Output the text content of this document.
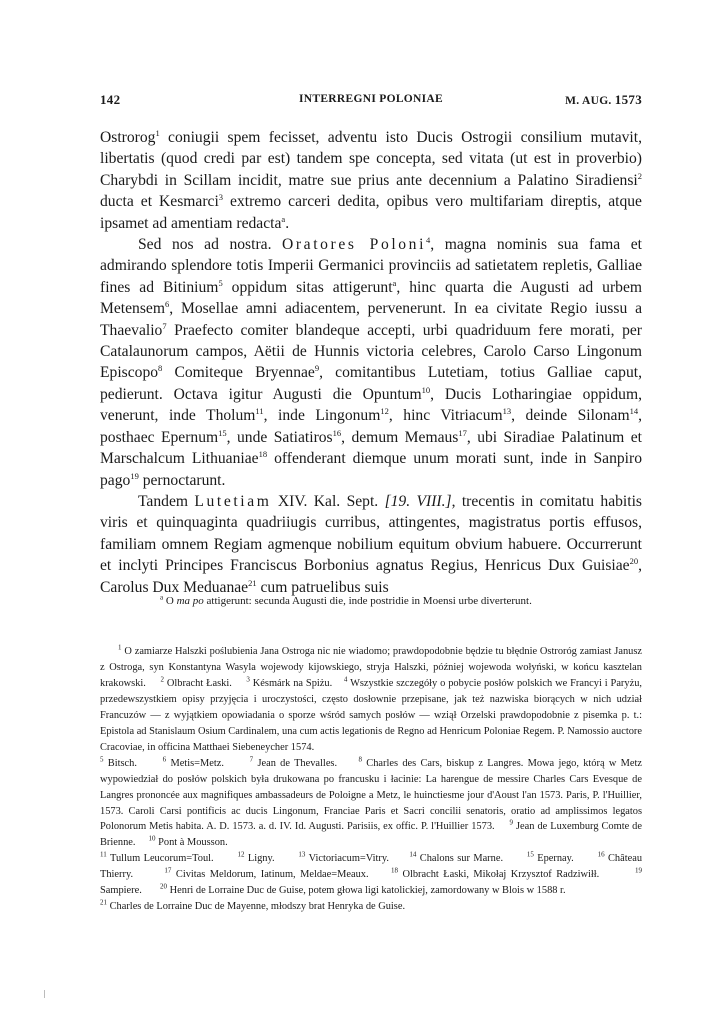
142	INTERREGNI POLONIAE	M. AUG. 1573

Ostrorog$^1$ coniugii spem fecisset, adventu isto Ducis Ostrogii consilium mutavit, libertatis (quod credi par est) tandem spe concepta, sed vitata (ut est in proverbio) Charybdi in Scillam incidit, matre sue prius ante decennium a Palatino Siradiensi$^2$ ducta et Kesmarci$^3$ extremo carceri dedita, opibus vero multifariam direptis, atque ipsamet ad amentiam redacta$^a$.

Sed nos ad nostra. Oratores Poloni$^4$, magna nominis sua fama et admirando splendore totis Imperii Germanici provinciis ad satietatem repletis, Galliae fines ad Bitinium$^5$ oppidum sitas attigerunt$^a$, hinc quarta die Augusti ad urbem Metensem$^6$, Mosellae amni adiacentem, pervenerunt. In ea civitate Regio iussu a Thaevalio$^7$ Praefecto comiter blandeque accepti, urbi quadriduum fere morati, per Catalaunorum campos, Aëtii de Hunnis victoria celebres, Carolo Carso Lingonum Episcopo$^8$ Comiteque Bryennae$^9$, comitantibus Lutetiam, totius Galliae caput, pedierunt. Octava igitur Augusti die Opuntum$^{10}$, Ducis Lotharingiae oppidum, venerunt, inde Tholum$^{11}$, inde Lingonum$^{12}$, hinc Vitriacum$^{13}$, deinde Silonam$^{14}$, posthaec Epernum$^{15}$, unde Satiatiros$^{16}$, demum Memaus$^{17}$, ubi Siradiae Palatinum et Marschalcum Lithuaniae$^{18}$ offenderant diemque unum morati sunt, inde in Sanpiro pago$^{19}$ pernoctarunt.

Tandem Lutetiam XIV. Kal. Sept. [19. VIII.], trecentis in comitatu habitis viris et quinquaginta quadriiugis curribus, attingentes, magistratus portis effusos, familiam omnem Regiam agmenque nobilium equitum obvium habuere. Occurrerunt et inclyti Principes Franciscus Borbonius agnatus Regius, Henricus Dux Guisiae$^{20}$, Carolus Dux Meduanae$^{21}$ cum patruelibus suis

$^a$ O ma po attigerunt: secunda Augusti die, inde postridie in Moensi urbe diverterunt.

$^1$ O zamiarze Halszki poślubienia Jana Ostroga nic nie wiadomo; prawdopodobnie będzie tu błędnie Ostroróg zamiast Janusz z Ostroga, syn Konstantyna Wasyla wojewody kijowskiego, stryja Halszki, później wojewoda wołyński, w końcu kasztelan krakowski. $^2$ Olbracht Łaski. $^3$ Késmárk na Spiżu. $^4$ Wszystkie szczegóły o pobycie posłów polskich we Francyi i Paryżu, przedewszystkiem opisy przyjęcia i uroczystości, często dosłownie przepisane, jak też nazwiska biorących w nich udział Francuzów — z wyjątkiem opowiadania o sporze wśród samych posłów — wziął Orzelski prawdopodobnie z pisemka p. t.: Epistola ad Stanislaum Osium Cardinalem, una cum actis legationis de Regno ad Henricum Poloniae Regem. P. Namossio auctore Cracoviae, in officina Matthaei Siebeneycher 1574.

$^5$ Bitsch.	$^6$ Metis=Metz.	$^7$ Jean de Thevalles.	$^8$ Charles des Cars, biskup z Langres. Mowa jego, którą w Metz wypowiedział do posłów polskich była drukowana po francusku i łacinie: La harengue de messire Charles Cars Evesque de Langres prononcée aux magnifiques ambassadeurs de Poloigne a Metz, le huinctiesme jour d'Aoust l'an 1573. Paris, P. l'Huillier, 1573. Caroli Carsi pontificis ac ducis Lingonum, Franciae Paris et Sacri concilii senatoris, oratio ad amplissimos legatos Polonorum Metis habita. A. D. 1573. a. d. IV. Id. Augusti. Parisiis, ex offic. P. l'Huillier 1573. $^9$ Jean de Luxemburg Comte de Brienne. $^{10}$ Pont à Mousson.

$^{11}$ Tullum Leucorum=Toul.	$^{12}$ Ligny.	$^{13}$ Victoriacum=Vitry.	$^{14}$ Chalons sur Marne.	$^{15}$ Epernay.	$^{16}$ Château Thierry.	$^{17}$ Civitas Meldorum, Iatinum, Meldae=Meaux.	$^{18}$ Olbracht Łaski, Mikołaj Krzysztof Radziwiłł.	$^{19}$ Sampiere.	$^{20}$ Henri de Lorraine Duc de Guise, potem głowa ligi katolickiej, zamordowany w Blois w 1588 r.

$^{21}$ Charles de Lorraine Duc de Mayenne, młodszy brat Henryka de Guise.
